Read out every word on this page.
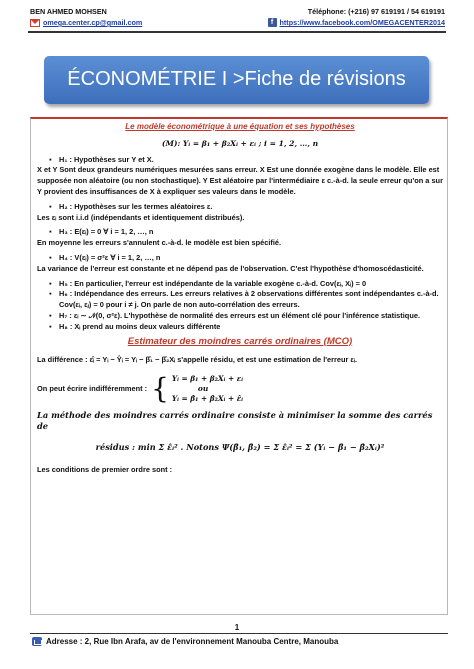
BEN AHMED MOHSEN	Téléphone: (+216) 97 619191 / 54 619191
omega.center.cp@gmail.com	f https://www.facebook.com/OMEGACENTER2014
ÉCONOMÉTRIE I >Fiche de révisions
Le modèle économétrique à une équation et ses hypothèses
(M): Yᵢ = β₁ + β₂Xᵢ + εᵢ ; i = 1, 2, …, n
▪ H₁ : Hypothèses sur Y et X.

X et Y Sont deux grandeurs numériques mesurées sans erreur. X Est une donnée exogène dans le modèle. Elle est supposée non aléatoire (ou non stochastique). Y Est aléatoire par l'intermédiaire ε c.-à-d. la seule erreur qu'on a sur Y provient des insuffisances de X à expliquer ses valeurs dans le modèle.

▪ H₂ : Hypothèses sur les termes aléatoires ε.

Les εᵢ sont i.i.d (indépendants et identiquement distribués).

▪ H₃ : E(εᵢ) = 0 ∀ i = 1, 2, …, n

En moyenne les erreurs s'annulent c.-à-d. le modèle est bien spécifié.

▪ H₄ : V(εᵢ) = σ²ε ∀ i = 1, 2, …, n

La variance de l'erreur est constante et ne dépend pas de l'observation. C'est l'hypothèse d'homoscédasticité.

▪ H₅ : En particulier, l'erreur est indépendante de la variable exogène c.-à-d. Cov(εᵢ, Xᵢ) = 0
▪ H₆ : Indépendance des erreurs. Les erreurs relatives à 2 observations différentes sont indépendantes c.-à-d. Cov(εᵢ, εⱼ) = 0 pour i ≠ j. On parle de non auto-corrélation des erreurs.
▪ H₇ : εᵢ ∼ 𝒩(0, σ²ε). L'hypothèse de normalité des erreurs est un élément clé pour l'inférence statistique.
▪ H₈ : Xᵢ prend au moins deux valeurs différente
Estimateur des moindres carrés ordinaires (MCO)

La différence : ε̂ᵢ = Yᵢ − Ŷᵢ = Yᵢ − β̂₁ − β̂₂Xᵢ s'appelle résidu, et est une estimation de l'erreur εᵢ.

On peut écrire indifféremment : { Yᵢ = β₁ + β₂Xᵢ + εᵢ
ou
Yᵢ = β̂₁ + β̂₂Xᵢ + ε̂ᵢ
La méthode des moindres carrés ordinaire consiste à minimiser la somme des carrés de
résidus : min Σ ε̂ᵢ² . Notons Ψ(β̂₁, β̂₂) = Σ ε̂ᵢ² = Σ (Yᵢ − β̂₁ − β̂₂Xᵢ)²

Les conditions de premier ordre sont :

1
Adresse : 2, Rue Ibn Arafa, av de l'environnement Manouba Centre, Manouba
